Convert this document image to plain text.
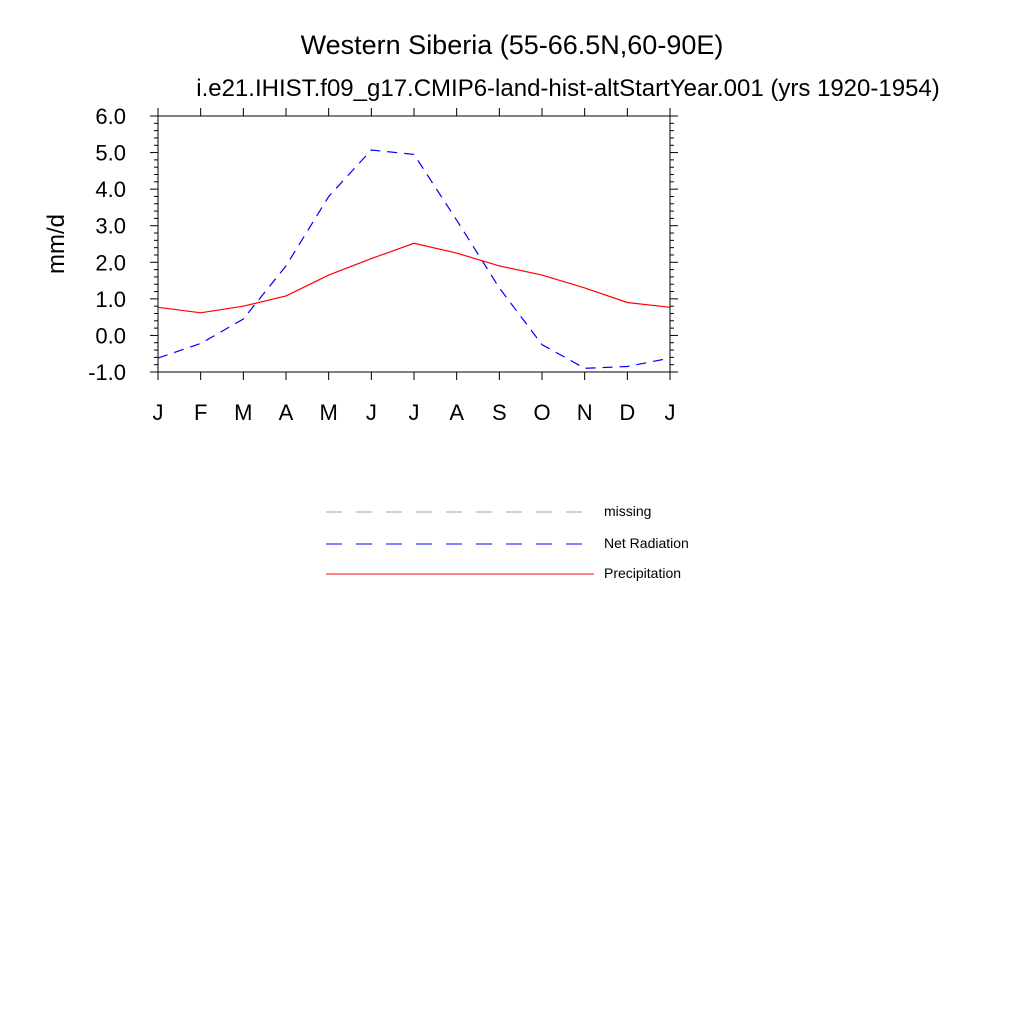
Western Siberia (55-66.5N,60-90E)
i.e21.IHIST.f09_g17.CMIP6-land-hist-altStartYear.001 (yrs 1920-1954)
mm/d
J F M A M J J A S O N D J
6.0
5.0
4.0
3.0
2.0
1.0
0.0
-1.0
missing
Net Radiation
Precipitation
